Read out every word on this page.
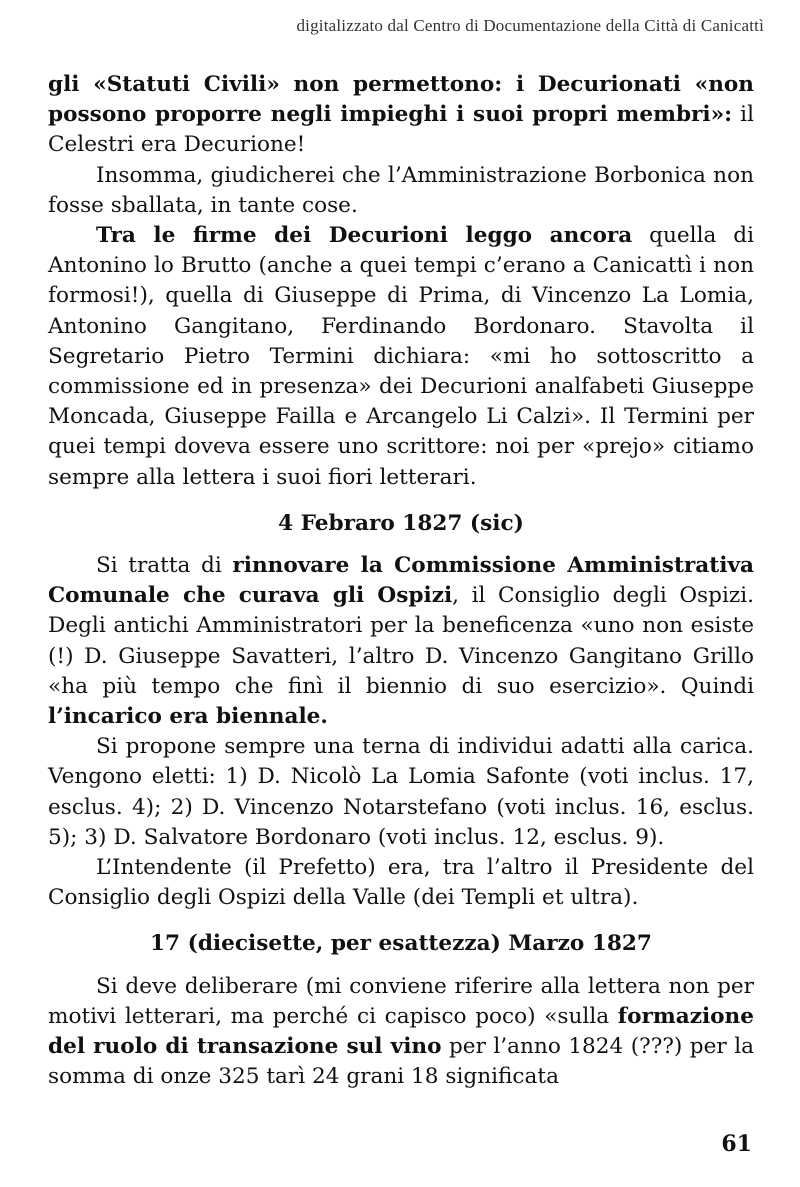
digitalizzato dal Centro di Documentazione della Città di Canicattì

gli «Statuti Civili» non permettono: i Decurionati «non possono proporre negli impieghi i suoi propri membri»: il Celestri era Decurione!

Insomma, giudicherei che l’Amministrazione Borbonica non fosse sballata, in tante cose.

Tra le firme dei Decurioni leggo ancora quella di Antonino lo Brutto (anche a quei tempi c’erano a Canicattì i non formosi!), quella di Giuseppe di Prima, di Vincenzo La Lomia, Antonino Gangitano, Ferdinando Bordonaro. Stavolta il Segretario Pietro Termini dichiara: «mi ho sottoscritto a commissione ed in presenza» dei Decurioni analfabeti Giuseppe Moncada, Giuseppe Failla e Arcangelo Li Calzi». Il Termini per quei tempi doveva essere uno scrittore: noi per «prejo» citiamo sempre alla lettera i suoi fiori letterari.

4 Febraro 1827 (sic)

Si tratta di rinnovare la Commissione Amministrativa Comunale che curava gli Ospizi, il Consiglio degli Ospizi. Degli antichi Amministratori per la beneficenza «uno non esiste (!) D. Giuseppe Savatteri, l’altro D. Vincenzo Gangitano Grillo «ha più tempo che finì il biennio di suo esercizio». Quindi l’incarico era biennale.

Si propone sempre una terna di individui adatti alla carica. Vengono eletti: 1) D. Nicolò La Lomia Safonte (voti inclus. 17, esclus. 4); 2) D. Vincenzo Notarstefano (voti inclus. 16, esclus. 5); 3) D. Salvatore Bordonaro (voti inclus. 12, esclus. 9).

L’Intendente (il Prefetto) era, tra l’altro il Presidente del Consiglio degli Ospizi della Valle (dei Templi et ultra).

17 (diecisette, per esattezza) Marzo 1827

Si deve deliberare (mi conviene riferire alla lettera non per motivi letterari, ma perché ci capisco poco) «sulla formazione del ruolo di transazione sul vino per l’anno 1824 (???) per la somma di onze 325 tarì 24 grani 18 significata

61
